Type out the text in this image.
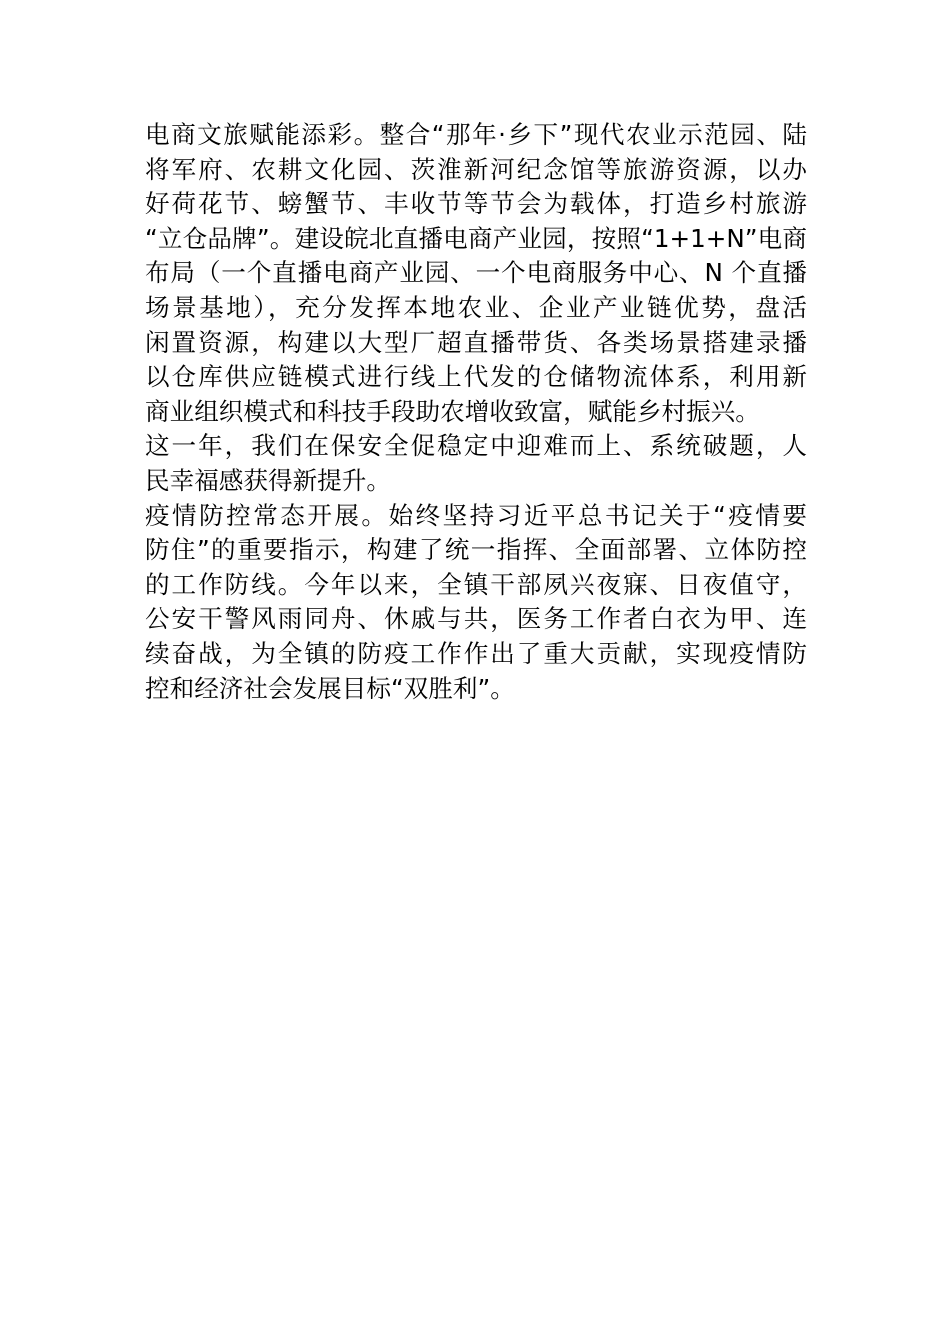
电商文旅赋能添彩。整合“那年·乡下”现代农业示范园、陆
将军府、农耕文化园、茨淮新河纪念馆等旅游资源，以办
好荷花节、螃蟹节、丰收节等节会为载体，打造乡村旅游
“立仓品牌”。建设皖北直播电商产业园，按照“1+1+N”电商
布局（一个直播电商产业园、一个电商服务中心、N 个直播
场景基地），充分发挥本地农业、企业产业链优势，盘活
闲置资源，构建以大型厂超直播带货、各类场景搭建录播
以仓库供应链模式进行线上代发的仓储物流体系，利用新
商业组织模式和科技手段助农增收致富，赋能乡村振兴。

这一年，我们在保安全促稳定中迎难而上、系统破题，人
民幸福感获得新提升。

疫情防控常态开展。始终坚持习近平总书记关于“疫情要
防住”的重要指示，构建了统一指挥、全面部署、立体防控
的工作防线。今年以来，全镇干部夙兴夜寐、日夜值守，
公安干警风雨同舟、休戚与共，医务工作者白衣为甲、连
续奋战，为全镇的防疫工作作出了重大贡献，实现疫情防
控和经济社会发展目标“双胜利”。
